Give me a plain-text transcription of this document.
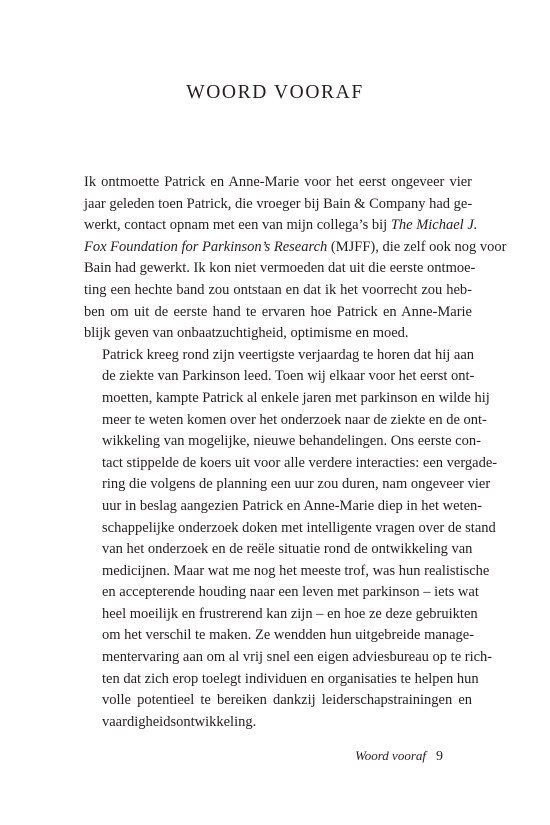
WOORD VOORAF

Ik ontmoette Patrick en Anne-Marie voor het eerst ongeveer vier
jaar geleden toen Patrick, die vroeger bij Bain & Company had ge-
werkt, contact opnam met een van mijn collega’s bij The Michael J.
Fox Foundation for Parkinson’s Research (MJFF), die zelf ook nog voor
Bain had gewerkt. Ik kon niet vermoeden dat uit die eerste ontmoe-
ting een hechte band zou ontstaan en dat ik het voorrecht zou heb-
ben om uit de eerste hand te ervaren hoe Patrick en Anne-Marie
blijk geven van onbaatzuchtigheid, optimisme en moed.

Patrick kreeg rond zijn veertigste verjaardag te horen dat hij aan
de ziekte van Parkinson leed. Toen wij elkaar voor het eerst ont-
moetten, kampte Patrick al enkele jaren met parkinson en wilde hij
meer te weten komen over het onderzoek naar de ziekte en de ont-
wikkeling van mogelijke, nieuwe behandelingen. Ons eerste con-
tact stippelde de koers uit voor alle verdere interacties: een vergade-
ring die volgens de planning een uur zou duren, nam ongeveer vier
uur in beslag aangezien Patrick en Anne-Marie diep in het weten-
schappelijke onderzoek doken met intelligente vragen over de stand
van het onderzoek en de reële situatie rond de ontwikkeling van
medicijnen. Maar wat me nog het meeste trof, was hun realistische
en accepterende houding naar een leven met parkinson – iets wat
heel moeilijk en frustrerend kan zijn – en hoe ze deze gebruikten
om het verschil te maken. Ze wendden hun uitgebreide manage-
mentervaring aan om al vrij snel een eigen adviesbureau op te rich-
ten dat zich erop toelegt individuen en organisaties te helpen hun
volle potentieel te bereiken dankzij leiderschapstrainingen en
vaardigheidsontwikkeling.

Woord vooraf 9
